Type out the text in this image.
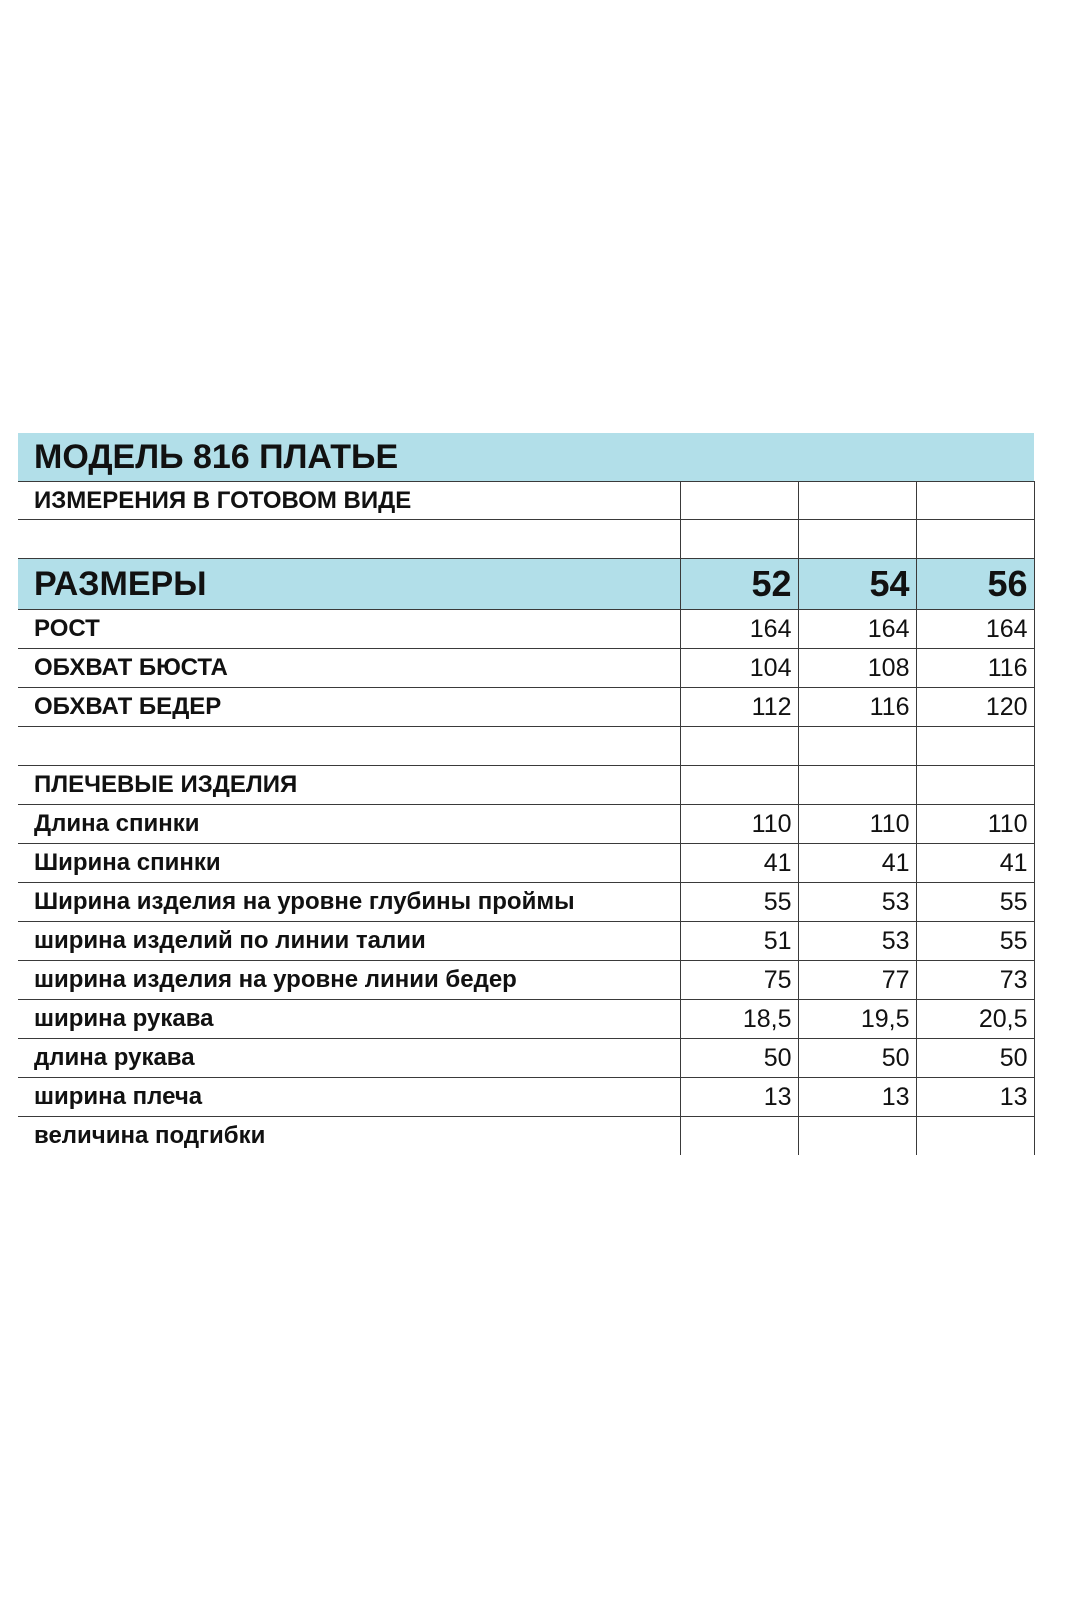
МОДЕЛЬ 816 ПЛАТЬЕ			
ИЗМЕРЕНИЯ В ГОТОВОМ ВИДЕ			

РАЗМЕРЫ	52	54	56
РОСТ	164	164	164
ОБХВАТ БЮСТА	104	108	116
ОБХВАТ БЕДЕР	112	116	120

ПЛЕЧЕВЫЕ ИЗДЕЛИЯ			
Длина спинки	110	110	110
Ширина спинки	41	41	41
Ширина изделия на уровне глубины проймы	55	53	55
ширина изделий по линии талии	51	53	55
ширина изделия на уровне линии бедер	75	77	73
ширина рукава	18,5	19,5	20,5
длина рукава	50	50	50
ширина плеча	13	13	13
величина подгибки			
